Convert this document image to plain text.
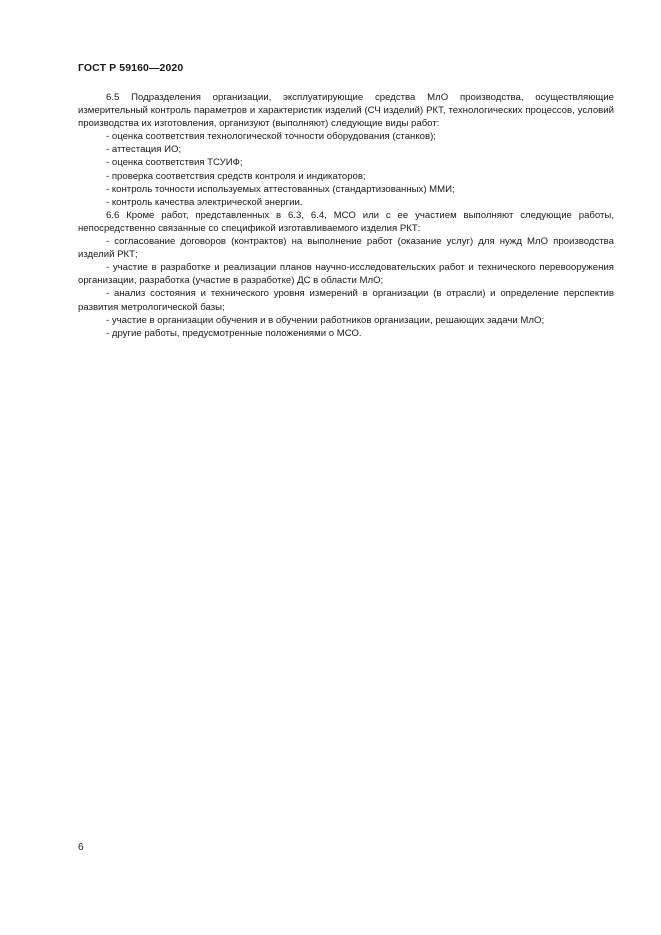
ГОСТ Р 59160—2020

6.5 Подразделения организации, эксплуатирующие средства МлО производства, осуществляющие измерительный контроль параметров и характеристик изделий (СЧ изделий) РКТ, технологических процессов, условий производства их изготовления, организуют (выполняют) следующие виды работ:

- оценка соответствия технологической точности оборудования (станков);

- аттестация ИО;

- оценка соответствия ТСУИФ;

- проверка соответствия средств контроля и индикаторов;

- контроль точности используемых аттестованных (стандартизованных) ММИ;

- контроль качества электрической энергии.

6.6 Кроме работ, представленных в 6.3, 6.4, МСО или с ее участием выполняют следующие работы, непосредственно связанные со спецификой изготавливаемого изделия РКТ:

- согласование договоров (контрактов) на выполнение работ (оказание услуг) для нужд МлО производства изделий РКТ;

- участие в разработке и реализации планов научно-исследовательских работ и технического перевооружения организации, разработка (участие в разработке) ДС в области МлО;

- анализ состояния и технического уровня измерений в организации (в отрасли) и определение перспектив развития метрологической базы;

- участие в организации обучения и в обучении работников организации, решающих задачи МлО;

- другие работы, предусмотренные положениями о МСО.

6
